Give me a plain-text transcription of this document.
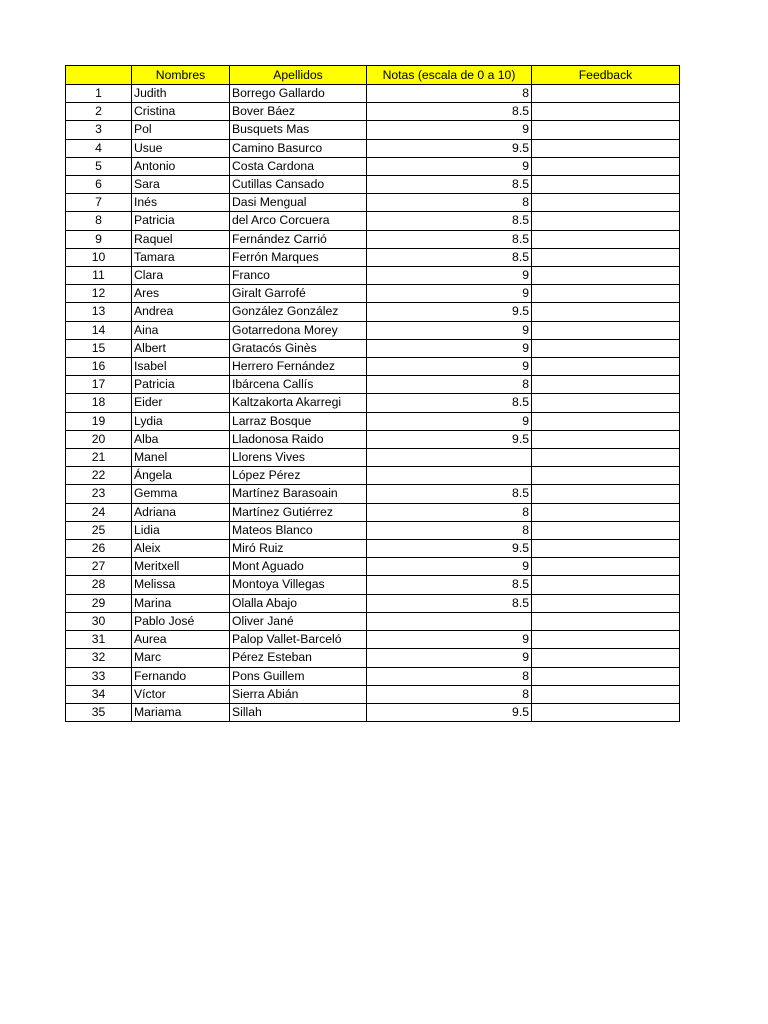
	Nombres	Apellidos	Notas (escala de 0 a 10)	Feedback
1	Judith	Borrego Gallardo	8	
2	Cristina	Bover Báez	8.5	
3	Pol	Busquets Mas	9	
4	Usue	Camino Basurco	9.5	
5	Antonio	Costa Cardona	9	
6	Sara	Cutillas Cansado	8.5	
7	Inés	Dasi Mengual	8	
8	Patricia	del Arco Corcuera	8.5	
9	Raquel	Fernández Carrió	8.5	
10	Tamara	Ferrón Marques	8.5	
11	Clara	Franco	9	
12	Ares	Giralt Garrofé	9	
13	Andrea	González González	9.5	
14	Aina	Gotarredona Morey	9	
15	Albert	Gratacós Ginès	9	
16	Isabel	Herrero Fernández	9	
17	Patricia	Ibárcena Callís	8	
18	Eider	Kaltzakorta Akarregi	8.5	
19	Lydia	Larraz Bosque	9	
20	Alba	Lladonosa Raido	9.5	
21	Manel	Llorens Vives		
22	Ángela	López Pérez		
23	Gemma	Martínez Barasoain	8.5	
24	Adriana	Martínez Gutiérrez	8	
25	Lidia	Mateos Blanco	8	
26	Aleix	Miró Ruiz	9.5	
27	Meritxell	Mont Aguado	9	
28	Melissa	Montoya Villegas	8.5	
29	Marina	Olalla Abajo	8.5	
30	Pablo José	Oliver Jané		
31	Aurea	Palop Vallet-Barceló	9	
32	Marc	Pérez Esteban	9	
33	Fernando	Pons Guillem	8	
34	Víctor	Sierra Abián	8	
35	Mariama	Sillah	9.5	
